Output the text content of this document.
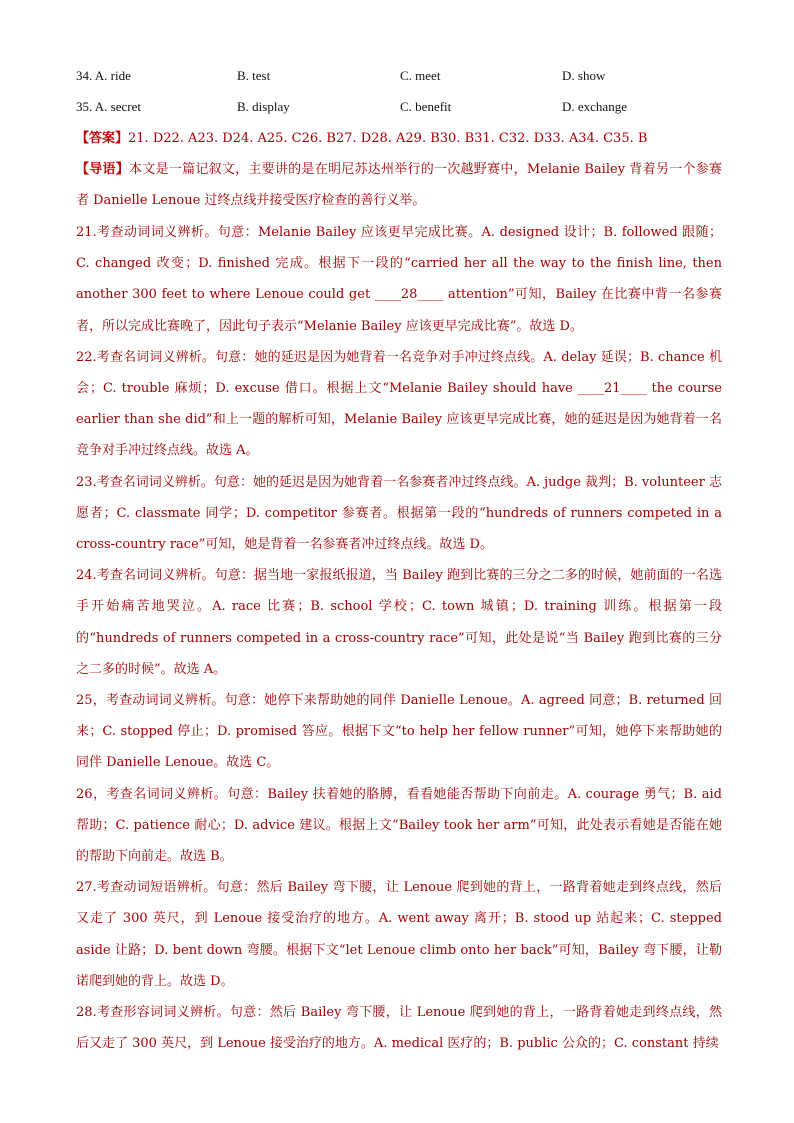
34. A. ride	B. test	C. meet	D. show
35. A. secret	B. display	C. benefit	D. exchange

【答案】21. D22. A23. D24. A25. C26. B27. D28. A29. B30. B31. C32. D33. A34. C35. B

【导语】本文是一篇记叙文，主要讲的是在明尼苏达州举行的一次越野赛中，Melanie Bailey 背着另一个参赛者 Danielle Lenoue 过终点线并接受医疗检查的善行义举。

21.考查动词词义辨析。句意：Melanie Bailey 应该更早完成比赛。A. designed 设计；B. followed 跟随；C. changed 改变；D. finished 完成。根据下一段的“carried her all the way to the finish line, then another 300 feet to where Lenoue could get ____28____ attention”可知，Bailey 在比赛中背一名参赛者，所以完成比赛晚了，因此句子表示“Melanie Bailey 应该更早完成比赛”。故选 D。

22.考查名词词义辨析。句意：她的延迟是因为她背着一名竞争对手冲过终点线。A. delay 延误；B. chance 机会；C. trouble 麻烦；D. excuse 借口。根据上文“Melanie Bailey should have ____21____ the course earlier than she did”和上一题的解析可知，Melanie Bailey 应该更早完成比赛，她的延迟是因为她背着一名竞争对手冲过终点线。故选 A。

23.考查名词词义辨析。句意：她的延迟是因为她背着一名参赛者冲过终点线。A. judge 裁判；B. volunteer 志愿者；C. classmate 同学；D. competitor 参赛者。根据第一段的“hundreds of runners competed in a cross-country race”可知，她是背着一名参赛者冲过终点线。故选 D。

24.考查名词词义辨析。句意：据当地一家报纸报道，当 Bailey 跑到比赛的三分之二多的时候，她前面的一名选手开始痛苦地哭泣。A. race 比赛；B. school 学校；C. town 城镇；D. training 训练。根据第一段的“hundreds of runners competed in a cross-country race”可知，此处是说“当 Bailey 跑到比赛的三分之二多的时候”。故选 A。

25，考查动词词义辨析。句意：她停下来帮助她的同伴 Danielle Lenoue。A. agreed 同意；B. returned 回来；C. stopped 停止；D. promised 答应。根据下文“to help her fellow runner”可知，她停下来帮助她的同伴 Danielle Lenoue。故选 C。

26，考查名词词义辨析。句意：Bailey 扶着她的胳膊，看看她能否帮助下向前走。A. courage 勇气；B. aid 帮助；C. patience 耐心；D. advice 建议。根据上文“Bailey took her arm”可知，此处表示看她是否能在她的帮助下向前走。故选 B。

27.考查动词短语辨析。句意：然后 Bailey 弯下腰，让 Lenoue 爬到她的背上，一路背着她走到终点线，然后又走了 300 英尺，到 Lenoue 接受治疗的地方。A. went away 离开；B. stood up 站起来；C. stepped aside 让路；D. bent down 弯腰。根据下文“let Lenoue climb onto her back”可知，Bailey 弯下腰，让勒诺爬到她的背上。故选 D。

28.考查形容词词义辨析。句意：然后 Bailey 弯下腰，让 Lenoue 爬到她的背上，一路背着她走到终点线，然后又走了 300 英尺，到 Lenoue 接受治疗的地方。A. medical 医疗的；B. public 公众的；C. constant 持续
